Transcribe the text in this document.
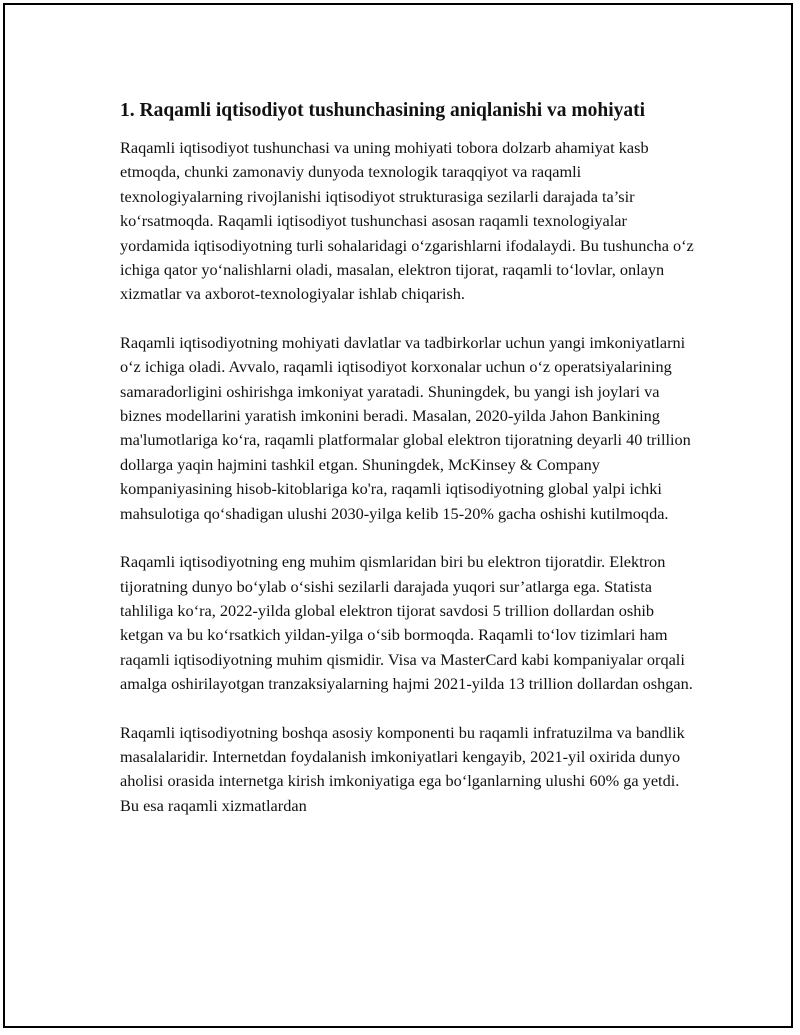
1. Raqamli iqtisodiyot tushunchasining aniqlanishi va mohiyati

Raqamli iqtisodiyot tushunchasi va uning mohiyati tobora dolzarb ahamiyat kasb etmoqda, chunki zamonaviy dunyoda texnologik taraqqiyot va raqamli texnologiyalarning rivojlanishi iqtisodiyot strukturasiga sezilarli darajada ta’sir ko‘rsatmoqda. Raqamli iqtisodiyot tushunchasi asosan raqamli texnologiyalar yordamida iqtisodiyotning turli sohalaridagi o‘zgarishlarni ifodalaydi. Bu tushuncha o‘z ichiga qator yo‘nalishlarni oladi, masalan, elektron tijorat, raqamli to‘lovlar, onlayn xizmatlar va axborot-texnologiyalar ishlab chiqarish.

Raqamli iqtisodiyotning mohiyati davlatlar va tadbirkorlar uchun yangi imkoniyatlarni o‘z ichiga oladi. Avvalo, raqamli iqtisodiyot korxonalar uchun o‘z operatsiyalarining samaradorligini oshirishga imkoniyat yaratadi. Shuningdek, bu yangi ish joylari va biznes modellarini yaratish imkonini beradi. Masalan, 2020-yilda Jahon Bankining ma'lumotlariga ko‘ra, raqamli platformalar global elektron tijoratning deyarli 40 trillion dollarga yaqin hajmini tashkil etgan. Shuningdek, McKinsey & Company kompaniyasining hisob-kitoblariga ko'ra, raqamli iqtisodiyotning global yalpi ichki mahsulotiga qo‘shadigan ulushi 2030-yilga kelib 15-20% gacha oshishi kutilmoqda.

Raqamli iqtisodiyotning eng muhim qismlaridan biri bu elektron tijoratdir. Elektron tijoratning dunyo bo‘ylab o‘sishi sezilarli darajada yuqori sur’atlarga ega. Statista tahliliga ko‘ra, 2022-yilda global elektron tijorat savdosi 5 trillion dollardan oshib ketgan va bu ko‘rsatkich yildan-yilga o‘sib bormoqda. Raqamli to‘lov tizimlari ham raqamli iqtisodiyotning muhim qismidir. Visa va MasterCard kabi kompaniyalar orqali amalga oshirilayotgan tranzaksiyalarning hajmi 2021-yilda 13 trillion dollardan oshgan.

Raqamli iqtisodiyotning boshqa asosiy komponenti bu raqamli infratuzilma va bandlik masalalaridir. Internetdan foydalanish imkoniyatlari kengayib, 2021-yil oxirida dunyo aholisi orasida internetga kirish imkoniyatiga ega bo‘lganlarning ulushi 60% ga yetdi. Bu esa raqamli xizmatlardan
